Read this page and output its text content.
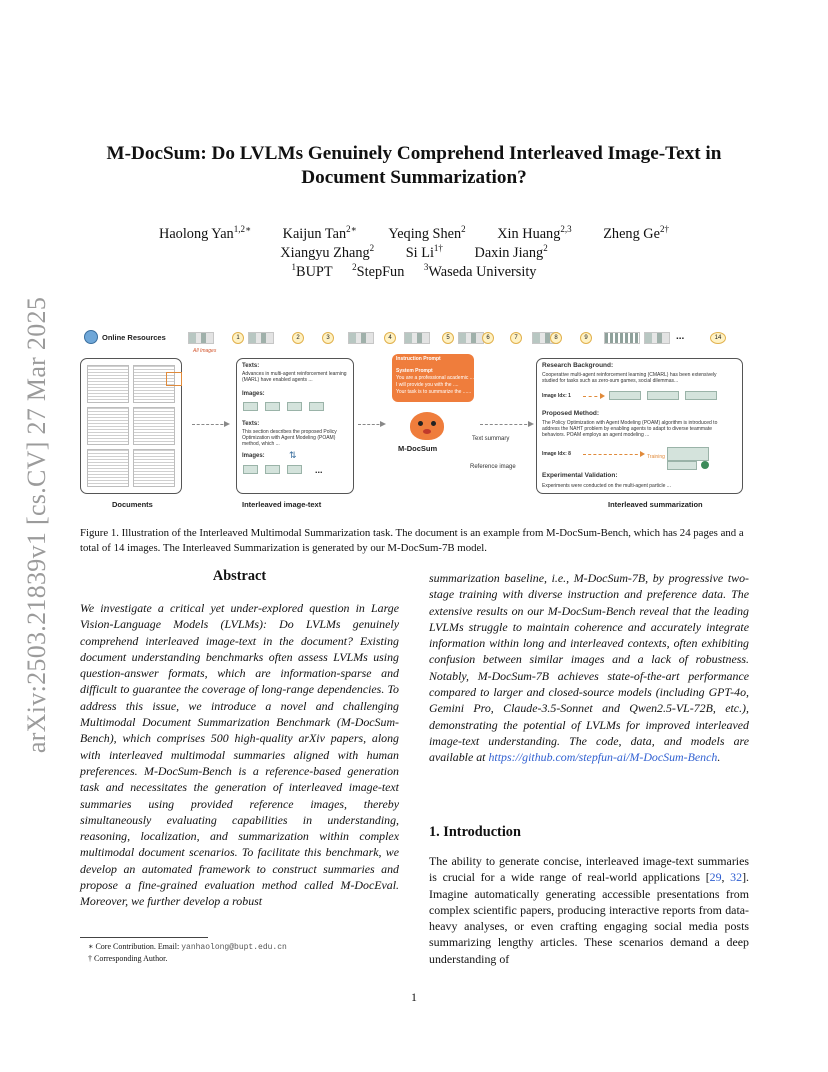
arXiv:2503.21839v1 [cs.CV] 27 Mar 2025
M-DocSum: Do LVLMs Genuinely Comprehend Interleaved Image-Text in
Document Summarization?
Haolong Yan$^{1,2∗}$ Kaijun Tan$^{2∗}$ Yeqing Shen$^2$ Xin Huang$^{2,3}$ Zheng $Ge^{2\dagger}$
Xiangyu Zhang$^2$ Si $Li^{1\dagger}$ Daxin Jiang$^2$
$^1$BUPT $^2$StepFun $^3$Waseda University
Online Resources
All Images
1	2	3	4	5	6	7	8	9	...	14
Texts:
Advances in multi-agent reinforcement learning (MARL) have enabled agents ...
Images:
Texts:
This section describes the proposed Policy Optimization with Agent Modeling (POAM) method, which ...
Images:	⇅
...
Instruction Prompt
System Prompt
You are a professional academic ...
I will provide you with the ....
Your task is to summarize the ......
M-DocSum
Text summary
Reference image
Research Background:
Cooperative multi-agent reinforcement learning (CMARL) has been extensively studied for tasks such as zero-sum games, social dilemmas...
Image Idx: 1
Proposed Method:
The Policy Optimization with Agent Modeling (POAM) algorithm is introduced to address the NAHT problem by enabling agents to adapt to diverse teammate behaviors. POAM employs an agent modeling ...
Image Idx: 8	Training
Experimental Validation:
Experiments were conducted on the multi-agent particle ...
Documents	Interleaved image-text	Interleaved summarization
Figure 1. Illustration of the Interleaved Multimodal Summarization task. The document is an example from M-DocSum-Bench, which has 24 pages and a total of 14 images. The Interleaved Summarization is generated by our M-DocSum-7B model.
Abstract
We investigate a critical yet under-explored question in Large Vision-Language Models (LVLMs): Do LVLMs genuinely comprehend interleaved image-text in the document? Existing document understanding benchmarks often assess LVLMs using question-answer formats, which are information-sparse and difficult to guarantee the coverage of long-range dependencies. To address this issue, we introduce a novel and challenging Multimodal Document Summarization Benchmark (M-DocSum-Bench), which comprises 500 high-quality arXiv papers, along with interleaved multimodal summaries aligned with human preferences. M-DocSum-Bench is a reference-based generation task and necessitates the generation of interleaved image-text summaries using provided reference images, thereby simultaneously evaluating capabilities in understanding, reasoning, localization, and summarization within complex multimodal document scenarios. To facilitate this benchmark, we develop an automated framework to construct summaries and propose a fine-grained evaluation method called M-DocEval. Moreover, we further develop a robust
summarization baseline, i.e., M-DocSum-7B, by progressive two-stage training with diverse instruction and preference data. The extensive results on our M-DocSum-Bench reveal that the leading LVLMs struggle to maintain coherence and accurately integrate information within long and interleaved contexts, often exhibiting confusion between similar images and a lack of robustness. Notably, M-DocSum-7B achieves state-of-the-art performance compared to larger and closed-source models (including GPT-4o, Gemini Pro, Claude-3.5-Sonnet and Qwen2.5-VL-72B, etc.), demonstrating the potential of LVLMs for improved interleaved image-text understanding. The code, data, and models are available at https://github.com/stepfun-ai/M-DocSum-Bench.
1. Introduction
The ability to generate concise, interleaved image-text summaries is crucial for a wide range of real-world applications [29, 32]. Imagine automatically generating accessible presentations from complex scientific papers, producing interactive reports from data-heavy analyses, or even crafting engaging social media posts summarizing lengthy articles. These scenarios demand a deep understanding of
∗ Core Contribution. Email: yanhaolong@bupt.edu.cn
† Corresponding Author.
1
